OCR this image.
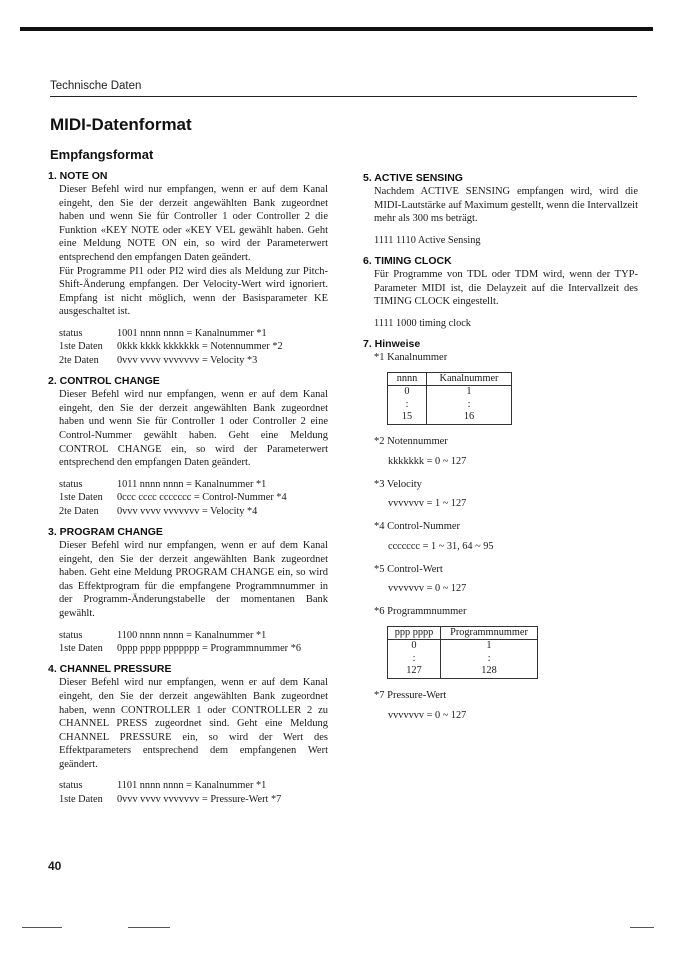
Technische Daten
MIDI-Datenformat
Empfangsformat
1. NOTE ON

Dieser Befehl wird nur empfangen, wenn er auf dem Kanal eingeht, den Sie der derzeit angewählten Bank zugeordnet haben und wenn Sie für Controller 1 oder Controller 2 die Funktion «KEY NOTE oder «KEY VEL gewählt haben. Geht eine Meldung NOTE ON ein, so wird der Parameterwert entsprechend den empfangen Daten geändert.

Für Programme PI1 oder PI2 wird dies als Meldung zur Pitch-Shift-Änderung empfangen. Der Velocity-Wert wird ignoriert. Empfang ist nicht möglich, wenn der Basisparameter KE ausgeschaltet ist.

status	1001 nnnn nnnn = Kanalnummer *1
1ste Daten	0kkk kkkk kkkkkkk = Notennummer *2
2te Daten	0vvv vvvv vvvvvvv = Velocity *3
2. CONTROL CHANGE

Dieser Befehl wird nur empfangen, wenn er auf dem Kanal eingeht, den Sie der derzeit angewählten Bank zugeordnet haben und wenn Sie für Controller 1 oder Controller 2 eine Control-Nummer gewählt haben. Geht eine Meldung CONTROL CHANGE ein, so wird der Parameterwert entsprechend den empfangen Daten geändert.

status	1011 nnnn nnnn = Kanalnummer *1
1ste Daten	0ccc cccc ccccccc = Control-Nummer *4
2te Daten	0vvv vvvv vvvvvvv = Velocity *4
3. PROGRAM CHANGE

Dieser Befehl wird nur empfangen, wenn er auf dem Kanal eingeht, den Sie der derzeit angewählten Bank zugeordnet haben. Geht eine Meldung PROGRAM CHANGE ein, so wird das Effektprogram für die empfangene Programmnummer in der Programm-Änderungstabelle der momentanen Bank gewählt.

status	1100 nnnn nnnn = Kanalnummer *1
1ste Daten	0ppp pppp ppppppp = Programmnummer *6
4. CHANNEL PRESSURE

Dieser Befehl wird nur empfangen, wenn er auf dem Kanal eingeht, den Sie der derzeit angewählten Bank zugeordnet haben, wenn CONTROLLER 1 oder CONTROLLER 2 zu CHANNEL PRESS zugeordnet sind. Geht eine Meldung CHANNEL PRESSURE ein, so wird der Wert des Effektparameters entsprechend dem empfangenen Wert geändert.

status	1101 nnnn nnnn = Kanalnummer *1
1ste Daten	0vvv vvvv vvvvvvv = Pressure-Wert *7
5. ACTIVE SENSING

Nachdem ACTIVE SENSING empfangen wird, wird die MIDI-Lautstärke auf Maximum gestellt, wenn die Intervallzeit mehr als 300 ms beträgt.

1111 1110 Active Sensing
6. TIMING CLOCK

Für Programme von TDL oder TDM wird, wenn der TYP-Parameter MIDI ist, die Delayzeit auf die Intervallzeit des TIMING CLOCK eingestellt.

1111 1000 timing clock
7. Hinweise
*1 Kanalnummer
nnnn	Kanalnummer
0	1
:	:
15	16
*2 Notennummer
kkkkkkk = 0 ~ 127
*3 Velocity
vvvvvvv = 1 ~ 127
*4 Control-Nummer
ccccccc = 1 ~ 31, 64 ~ 95
*5 Control-Wert
vvvvvvv = 0 ~ 127
*6 Programmnummer
ppp pppp	Programmnummer
0	1
:	:
127	128
*7 Pressure-Wert
vvvvvvv = 0 ~ 127
40
